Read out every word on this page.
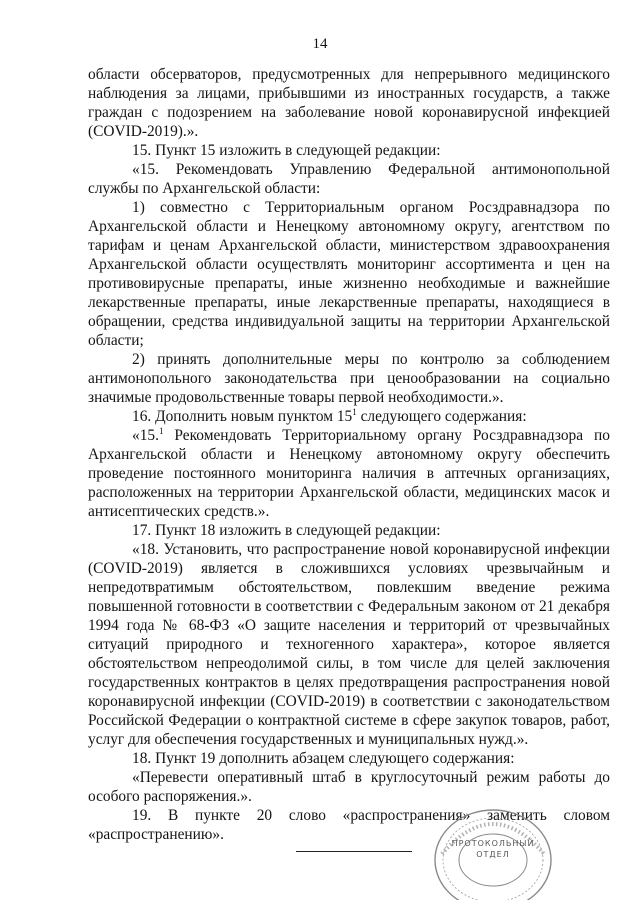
14

области обсерваторов, предусмотренных для непрерывного медицинского наблюдения за лицами, прибывшими из иностранных государств, а также граждан с подозрением на заболевание новой коронавирусной инфекцией (COVID-2019).».

15. Пункт 15 изложить в следующей редакции:

«15. Рекомендовать Управлению Федеральной антимонопольной службы по Архангельской области:

1) совместно с Территориальным органом Росздравнадзора по Архангельской области и Ненецкому автономному округу, агентством по тарифам и ценам Архангельской области, министерством здравоохранения Архангельской области осуществлять мониторинг ассортимента и цен на противовирусные препараты, иные жизненно необходимые и важнейшие лекарственные препараты, иные лекарственные препараты, находящиеся в обращении, средства индивидуальной защиты на территории Архангельской области;

2) принять дополнительные меры по контролю за соблюдением антимонопольного законодательства при ценообразовании на социально значимые продовольственные товары первой необходимости.».

16. Дополнить новым пунктом $15^1$ следующего содержания:

«15.$^1$ Рекомендовать Территориальному органу Росздравнадзора по Архангельской области и Ненецкому автономному округу обеспечить проведение постоянного мониторинга наличия в аптечных организациях, расположенных на территории Архангельской области, медицинских масок и антисептических средств.».

17. Пункт 18 изложить в следующей редакции:

«18. Установить, что распространение новой коронавирусной инфекции (COVID-2019) является в сложившихся условиях чрезвычайным и непредотвратимым обстоятельством, повлекшим введение режима повышенной готовности в соответствии с Федеральным законом от 21 декабря 1994 года № 68-ФЗ «О защите населения и территорий от чрезвычайных ситуаций природного и техногенного характера», которое является обстоятельством непреодолимой силы, в том числе для целей заключения государственных контрактов в целях предотвращения распространения новой коронавирусной инфекции (COVID-2019) в соответствии с законодательством Российской Федерации о контрактной системе в сфере закупок товаров, работ, услуг для обеспечения государственных и муниципальных нужд.».

18. Пункт 19 дополнить абзацем следующего содержания:

«Перевести оперативный штаб в круглосуточный режим работы до особого распоряжения.».

19. В пункте 20 слово «распространения» заменить словом «распространению».

ПРОТОКОЛЬНЫЙ
ОТДЕЛ
